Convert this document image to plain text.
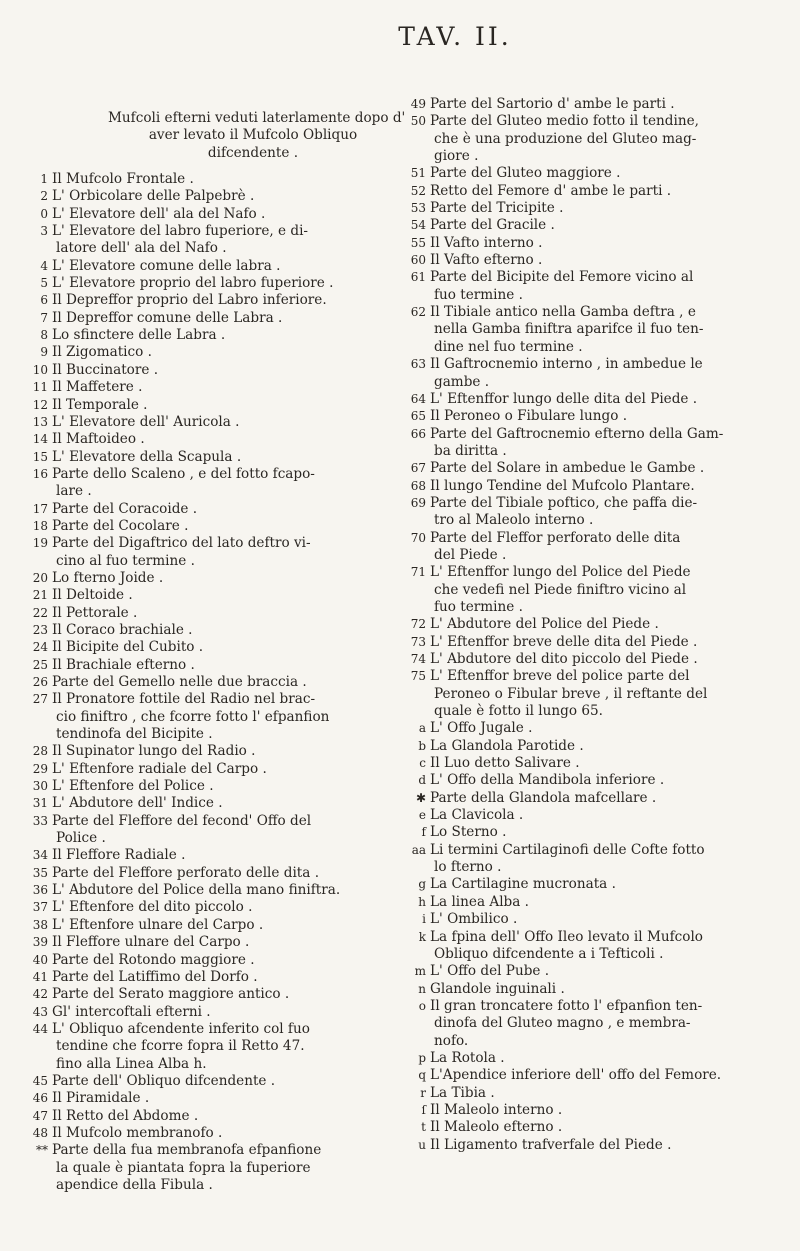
TAV. II.
Mufcoli efterni veduti laterlamente dopo d'
aver levato il Mufcolo Obliquo
difcendente .
1 Il Mufcolo Frontale .
2 L' Orbicolare delle Palpebrè .
0 L' Elevatore dell' ala del Nafo .
3 L' Elevatore del labro fuperiore, e di-
latore dell' ala del Nafo .
4 L' Elevatore comune delle labra .
5 L' Elevatore proprio del labro fuperiore .
6 Il Depreffor proprio del Labro inferiore.
7 Il Depreffor comune delle Labra .
8 Lo sfinctere delle Labra .
9 Il Zigomatico .
10 Il Buccinatore .
11 Il Maffetere .
12 Il Temporale .
13 L' Elevatore dell' Auricola .
14 Il Maftoideo .
15 L' Elevatore della Scapula .
16 Parte dello Scaleno , e del fotto fcapo-
lare .
17 Parte del Coracoide .
18 Parte del Cocolare .
19 Parte del Digaftrico del lato deftro vi-
cino al fuo termine .
20 Lo fterno Joide .
21 Il Deltoide .
22 Il Pettorale .
23 Il Coraco brachiale .
24 Il Bicipite del Cubito .
25 Il Brachiale efterno .
26 Parte del Gemello nelle due braccia .
27 Il Pronatore fottile del Radio nel brac-
cio finiftro , che fcorre fotto l' efpanfion
tendinofa del Bicipite .
28 Il Supinator lungo del Radio .
29 L' Eftenfore radiale del Carpo .
30 L' Eftenfore del Police .
31 L' Abdutore dell' Indice .
33 Parte del Fleffore del fecond' Offo del
Police .
34 Il Fleffore Radiale .
35 Parte del Fleffore perforato delle dita .
36 L' Abdutore del Police della mano finiftra.
37 L' Eftenfore del dito piccolo .
38 L' Eftenfore ulnare del Carpo .
39 Il Fleffore ulnare del Carpo .
40 Parte del Rotondo maggiore .
41 Parte del Latiffimo del Dorfo .
42 Parte del Serato maggiore antico .
43 Gl' intercoftali efterni .
44 L' Obliquo afcendente inferito col fuo
tendine che fcorre fopra il Retto 47.
fino alla Linea Alba h.
45 Parte dell' Obliquo difcendente .
46 Il Piramidale .
47 Il Retto del Abdome .
48 Il Mufcolo membranofo .
** Parte della fua membranofa efpanfione
la quale è piantata fopra la fuperiore
apendice della Fibula .
49 Parte del Sartorio d' ambe le parti .
50 Parte del Gluteo medio fotto il tendine,
che è una produzione del Gluteo mag-
giore .
51 Parte del Gluteo maggiore .
52 Retto del Femore d' ambe le parti .
53 Parte del Tricipite .
54 Parte del Gracile .
55 Il Vafto interno .
60 Il Vafto efterno .
61 Parte del Bicipite del Femore vicino al
fuo termine .
62 Il Tibiale antico nella Gamba deftra , e
nella Gamba finiftra aparifce il fuo ten-
dine nel fuo termine .
63 Il Gaftrocnemio interno , in ambedue le
gambe .
64 L' Eftenffor lungo delle dita del Piede .
65 Il Peroneo o Fibulare lungo .
66 Parte del Gaftrocnemio efterno della Gam-
ba diritta .
67 Parte del Solare in ambedue le Gambe .
68 Il lungo Tendine del Mufcolo Plantare.
69 Parte del Tibiale poftico, che paffa die-
tro al Maleolo interno .
70 Parte del Fleffor perforato delle dita
del Piede .
71 L' Eftenffor lungo del Police del Piede
che vedefi nel Piede finiftro vicino al
fuo termine .
72 L' Abdutore del Police del Piede .
73 L' Eftenffor breve delle dita del Piede .
74 L' Abdutore del dito piccolo del Piede .
75 L' Eftenffor breve del police parte del
Peroneo o Fibular breve , il reftante del
quale è fotto il lungo 65.
a L' Offo Jugale .
b La Glandola Parotide .
c Il Luo detto Salivare .
d L' Offo della Mandibola inferiore .
✱ Parte della Glandola mafcellare .
e La Clavicola .
f Lo Sterno .
aa Li termini Cartilaginofi delle Cofte fotto
lo fterno .
g La Cartilagine mucronata .
h La linea Alba .
i L' Ombilico .
k La fpina dell' Offo Ileo levato il Mufcolo
Obliquo difcendente a i Tefticoli .
m L' Offo del Pube .
n Glandole inguinali .
o Il gran troncatere fotto l' efpanfion ten-
dinofa del Gluteo magno , e membra-
nofo.
p La Rotola .
q L'Apendice inferiore dell' offo del Femore.
r La Tibia .
ſ Il Maleolo interno .
t Il Maleolo efterno .
u Il Ligamento trafverfale del Piede .
